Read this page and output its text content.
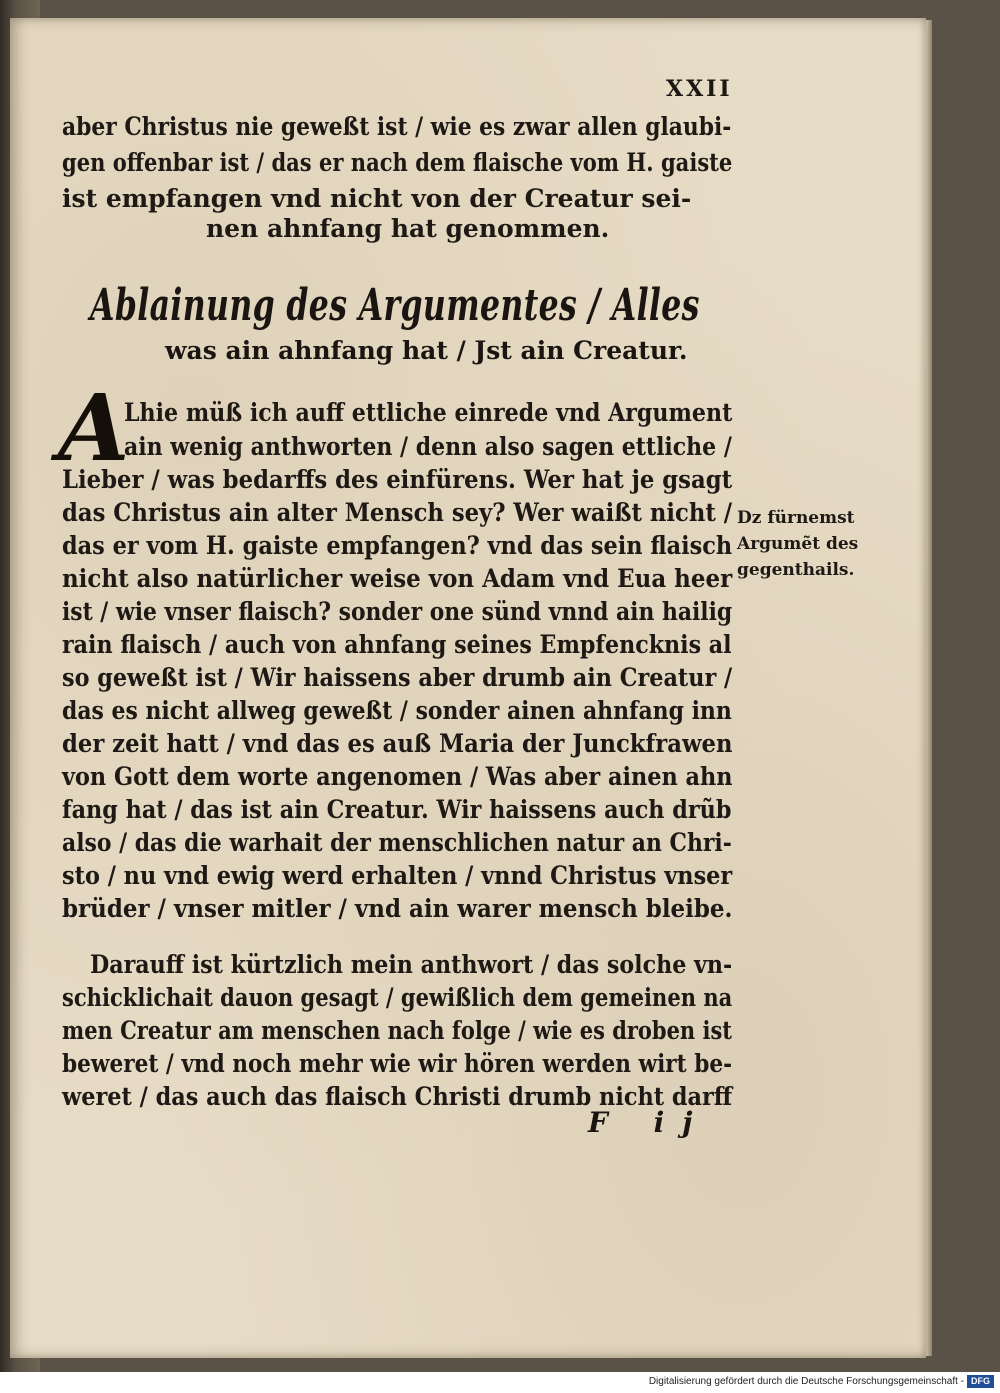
XXII
aber Christus nie geweßt ist / wie es zwar allen glaubi-
gen offenbar ist / das er nach dem flaische vom H. gaiste
ist empfangen vnd nicht von der Creatur sei-
nen ahnfang hat genommen.
Ablainung des Argumentes / Alles
was ain ahnfang hat / Jst ain Creatur.
A
Lhie müß ich auff ettliche einrede vnd Argument
ain wenig anthworten / denn also sagen ettliche /
Lieber / was bedarffs des einfürens. Wer hat je gsagt
das Christus ain alter Mensch sey? Wer waißt nicht /
das er vom H. gaiste empfangen? vnd das sein flaisch
nicht also natürlicher weise von Adam vnd Eua heer
ist / wie vnser flaisch? sonder one sünd vnnd ain hailig
rain flaisch / auch von ahnfang seines Empfencknis al
so geweßt ist / Wir haissens aber drumb ain Creatur /
das es nicht allweg geweßt / sonder ainen ahnfang inn
der zeit hatt / vnd das es auß Maria der Junckfrawen
von Gott dem worte angenomen / Was aber ainen ahn
fang hat / das ist ain Creatur. Wir haissens auch drũb
also / das die warhait der menschlichen natur an Chri-
sto / nu vnd ewig werd erhalten / vnnd Christus vnser
brüder / vnser mitler / vnd ain warer mensch bleibe.
Dz fürnemst
Argumẽt des
gegenthails.
Darauff ist kürtzlich mein anthwort / das solche vn-
schicklichait dauon gesagt / gewißlich dem gemeinen na
men Creatur am menschen nach folge / wie es droben ist
beweret / vnd noch mehr wie wir hören werden wirt be-
weret / das auch das flaisch Christi drumb nicht darff
F ij
Digitalisierung gefördert durch die Deutsche Forschungsgemeinschaft - DFG
